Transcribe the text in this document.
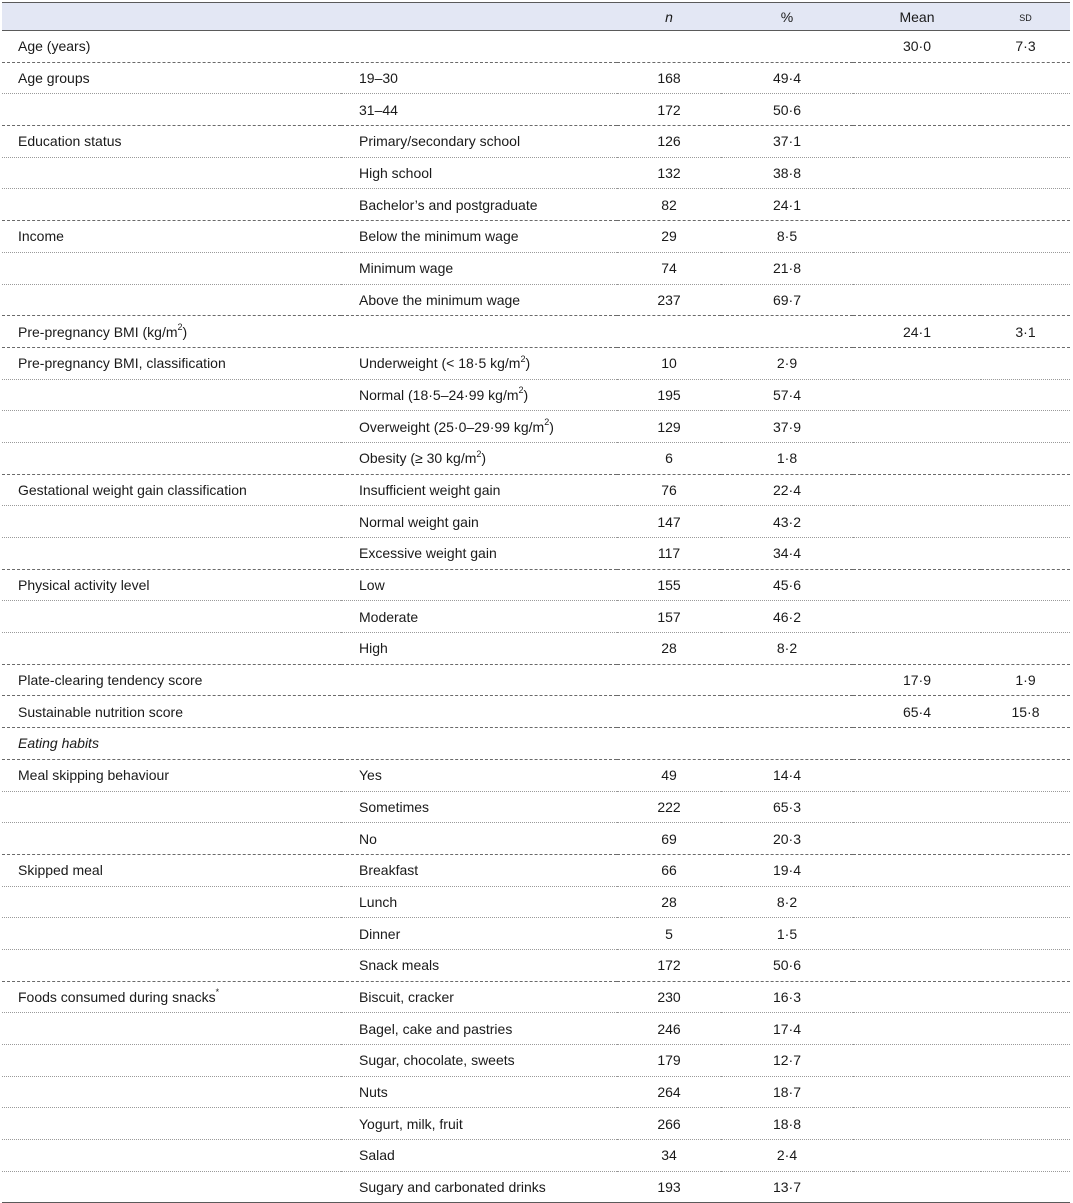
		n	%	Mean	sd
Age (years)				30·0	7·3
Age groups	19–30	168	49·4		
	31–44	172	50·6		
Education status	Primary/secondary school	126	37·1		
	High school	132	38·8		
	Bachelor’s and postgraduate	82	24·1		
Income	Below the minimum wage	29	8·5		
	Minimum wage	74	21·8		
	Above the minimum wage	237	69·7		
Pre-pregnancy BMI $(kg/m^2)$				24·1	3·1
Pre-pregnancy BMI, classification	Underweight (< 18·5 $kg/m^2$)	10	2·9		
	Normal (18·5–24·99 $kg/m^2$)	195	57·4		
	Overweight (25·0–29·99 $kg/m^2$)	129	37·9		
	Obesity (≥ 30 $kg/m^2$)	6	1·8		
Gestational weight gain classification	Insufficient weight gain	76	22·4		
	Normal weight gain	147	43·2		
	Excessive weight gain	117	34·4		
Physical activity level	Low	155	45·6		
	Moderate	157	46·2		
	High	28	8·2		
Plate-clearing tendency score				17·9	1·9
Sustainable nutrition score				65·4	15·8
Eating habits					
Meal skipping behaviour	Yes	49	14·4		
	Sometimes	222	65·3		
	No	69	20·3		
Skipped meal	Breakfast	66	19·4		
	Lunch	28	8·2		
	Dinner	5	1·5		
	Snack meals	172	50·6		
Foods consumed during snacks*	Biscuit, cracker	230	16·3		
	Bagel, cake and pastries	246	17·4		
	Sugar, chocolate, sweets	179	12·7		
	Nuts	264	18·7		
	Yogurt, milk, fruit	266	18·8		
	Salad	34	2·4		
	Sugary and carbonated drinks	193	13·7		
